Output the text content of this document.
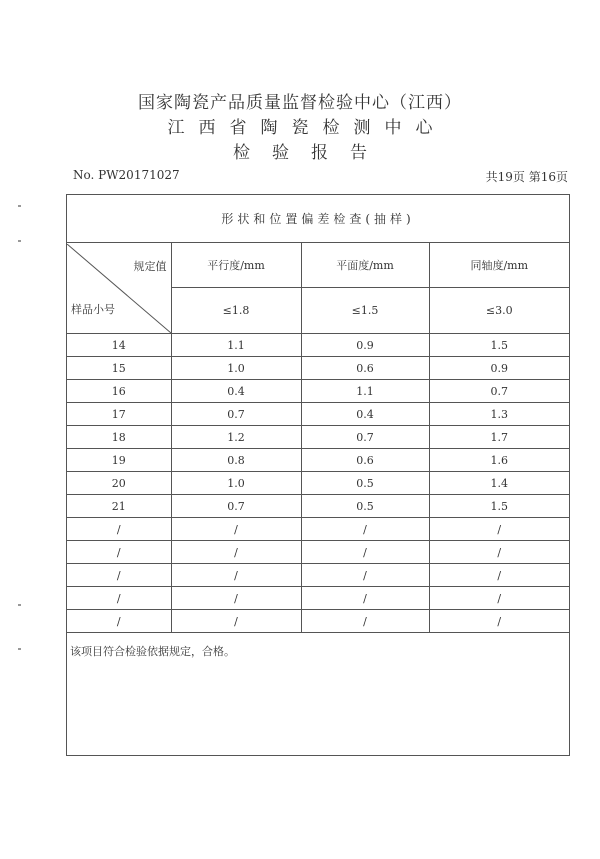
国家陶瓷产品质量监督检验中心（江西）
江西省陶瓷检测中心
检验报告
No. PW20171027	共19页 第16页
形状和位置偏差检查(抽样)			

规定值
样品小号	平行度/mm	平面度/mm	同轴度/mm
	≤1.8	≤1.5	≤3.0
14	1.1	0.9	1.5
15	1.0	0.6	0.9
16	0.4	1.1	0.7
17	0.7	0.4	1.3
18	1.2	0.7	1.7
19	0.8	0.6	1.6
20	1.0	0.5	1.4
21	0.7	0.5	1.5
/	/	/	/
/	/	/	/
/	/	/	/
/	/	/	/
/	/	/	/
该项目符合检验依据规定，合格。
